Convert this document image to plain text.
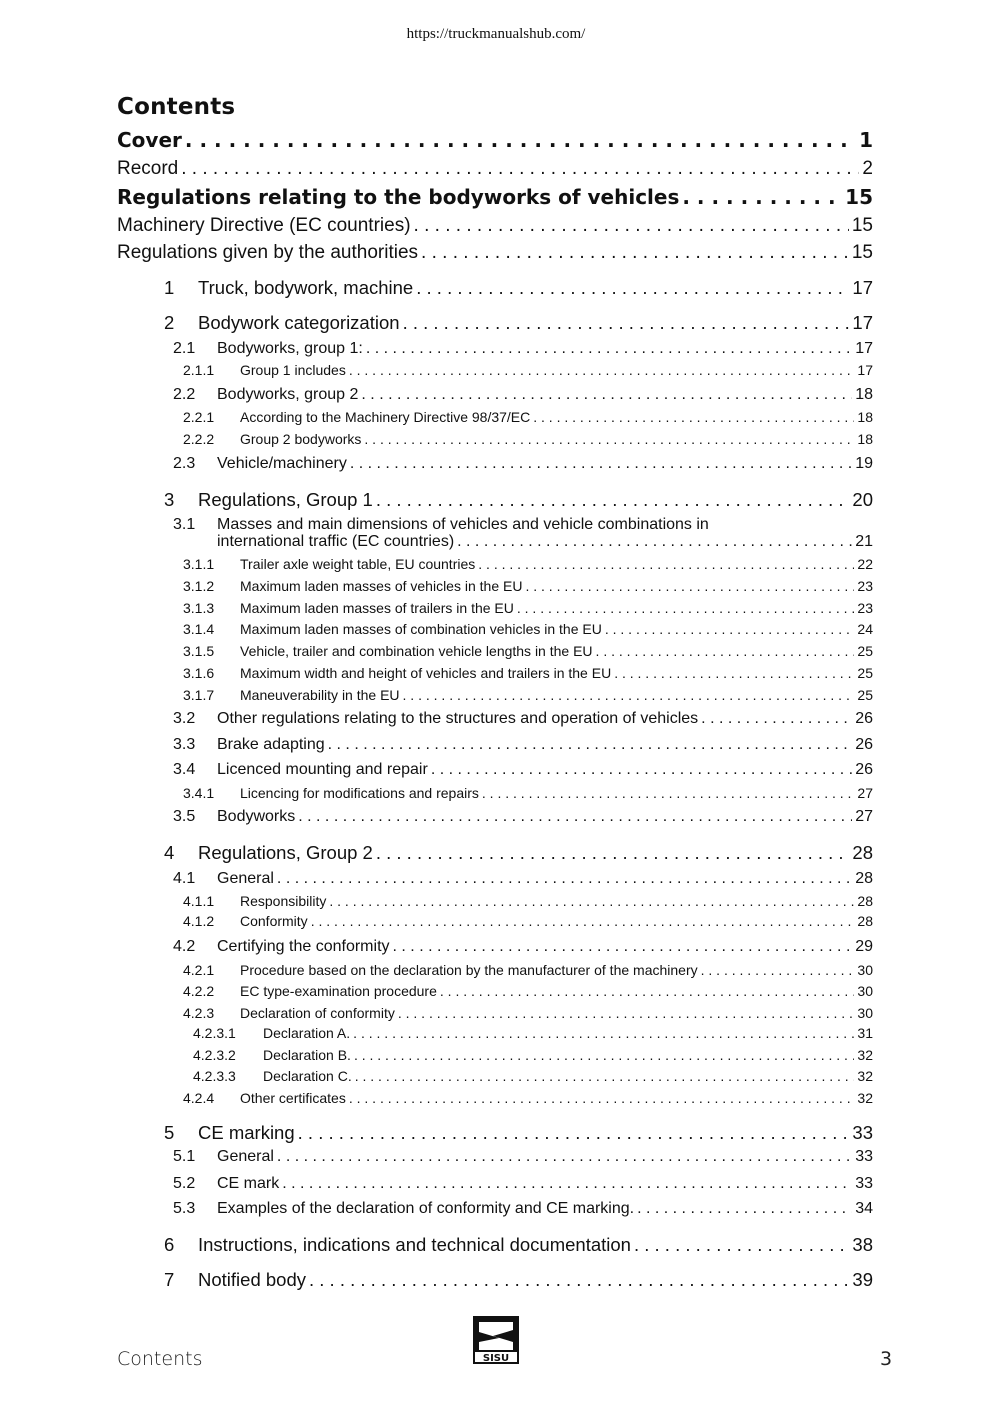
https://truckmanualshub.com/
Contents
Cover . . .	1
Record . . .	2
Regulations relating to the bodyworks of vehicles . . .	15
Machinery Directive (EC countries) . . .	15
Regulations given by the authorities . . .	15
1	Truck, bodywork, machine . . .	17
2	Bodywork categorization . . .	17
2.1	Bodyworks, group 1: . . .	17
2.1.1	Group 1 includes . . .	17
2.2	Bodyworks, group 2 . . .	18
2.2.1	According to the Machinery Directive 98/37/EC . . .	18
2.2.2	Group 2 bodyworks . . .	18
2.3	Vehicle/machinery . . .	19
3	Regulations, Group 1 . . .	20
3.1	Masses and main dimensions of vehicles and vehicle combinations in
international traffic (EC countries) . . .	21
3.1.1	Trailer axle weight table, EU countries . . .	22
3.1.2	Maximum laden masses of vehicles in the EU . . .	23
3.1.3	Maximum laden masses of trailers in the EU . . .	23
3.1.4	Maximum laden masses of combination vehicles in the EU . . .	24
3.1.5	Vehicle, trailer and combination vehicle lengths in the EU . . .	25
3.1.6	Maximum width and height of vehicles and trailers in the EU . . .	25
3.1.7	Maneuverability in the EU . . .	25
3.2	Other regulations relating to the structures and operation of vehicles . . .	26
3.3	Brake adapting . . .	26
3.4	Licenced mounting and repair . . .	26
3.4.1	Licencing for modifications and repairs . . .	27
3.5	Bodyworks . . .	27
4	Regulations, Group 2 . . .	28
4.1	General . . .	28
4.1.1	Responsibility . . .	28
4.1.2	Conformity . . .	28
4.2	Certifying the conformity . . .	29
4.2.1	Procedure based on the declaration by the manufacturer of the machinery . . .	30
4.2.2	EC type-examination procedure . . .	30
4.2.3	Declaration of conformity . . .	30
4.2.3.1	Declaration A. . . .	31
4.2.3.2	Declaration B. . . .	32
4.2.3.3	Declaration C. . . .	32
4.2.4	Other certificates . . .	32
5	CE marking . . .	33
5.1	General . . .	33
5.2	CE mark . . .	33
5.3	Examples of the declaration of conformity and CE marking. . . .	34
6	Instructions, indications and technical documentation . . .	38
7	Notified body . . .	39
Contents	3
SISU
